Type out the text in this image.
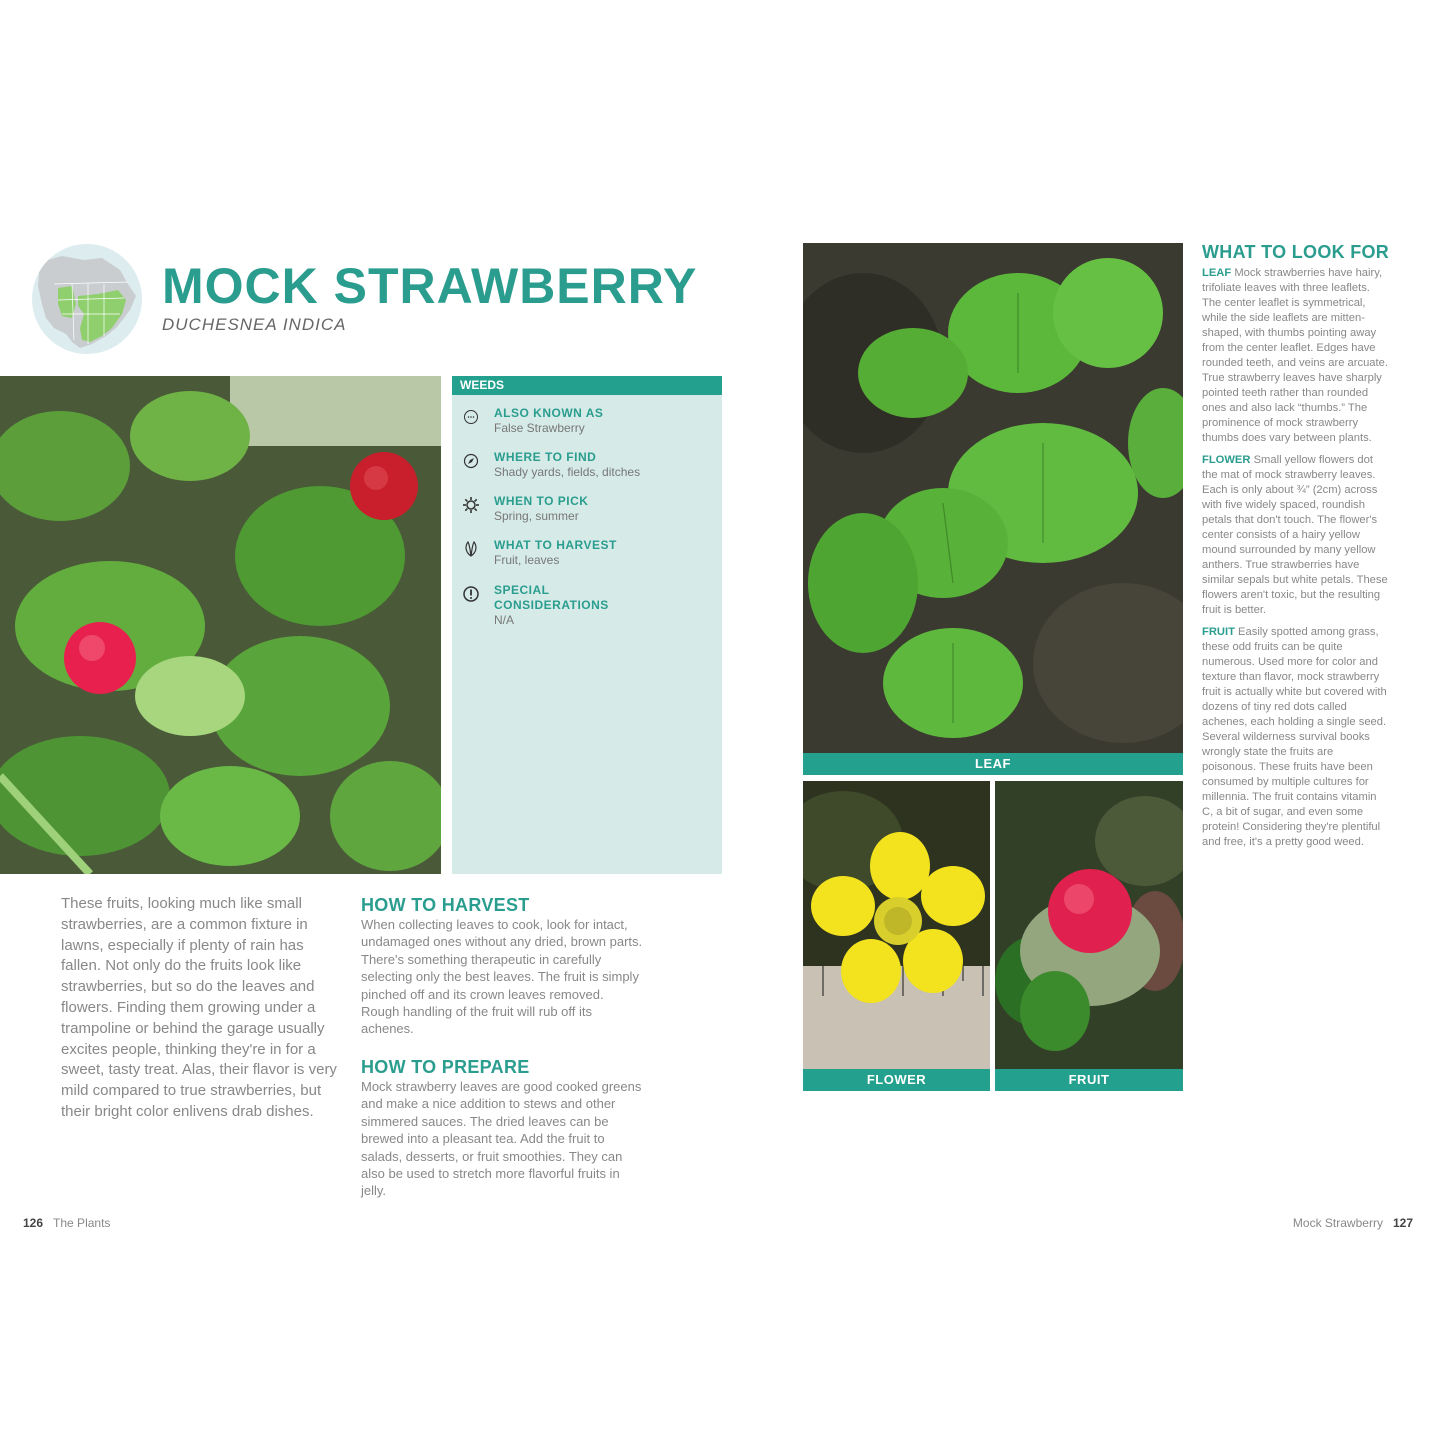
MOCK STRAWBERRY
DUCHESNEA INDICA
WEEDS
ALSO KNOWN AS
False Strawberry
WHERE TO FIND
Shady yards, fields, ditches
WHEN TO PICK
Spring, summer
WHAT TO HARVEST
Fruit, leaves
SPECIAL CONSIDERATIONS
N/A
These fruits, looking much like small strawberries, are a common fixture in lawns, especially if plenty of rain has fallen. Not only do the fruits look like strawberries, but so do the leaves and flowers. Finding them growing under a trampoline or behind the garage usually excites people, thinking they're in for a sweet, tasty treat. Alas, their flavor is very mild compared to true strawberries, but their bright color enlivens drab dishes.
HOW TO HARVEST
When collecting leaves to cook, look for intact, undamaged ones without any dried, brown parts. There's something therapeutic in carefully selecting only the best leaves. The fruit is simply pinched off and its crown leaves removed. Rough handling of the fruit will rub off its achenes.
HOW TO PREPARE
Mock strawberry leaves are good cooked greens and make a nice addition to stews and other simmered sauces. The dried leaves can be brewed into a pleasant tea. Add the fruit to salads, desserts, or fruit smoothies. They can also be used to stretch more flavorful fruits in jelly.
LEAF
FLOWER	FRUIT
WHAT TO LOOK FOR

LEAF Mock strawberries have hairy, trifoliate leaves with three leaflets. The center leaflet is symmetrical, while the side leaflets are mitten-shaped, with thumbs pointing away from the center leaflet. Edges have rounded teeth, and veins are arcuate. True strawberry leaves have sharply pointed teeth rather than rounded ones and also lack “thumbs.” The prominence of mock strawberry thumbs does vary between plants.

FLOWER Small yellow flowers dot the mat of mock strawberry leaves. Each is only about ¾” (2cm) across with five widely spaced, roundish petals that don't touch. The flower's center consists of a hairy yellow mound surrounded by many yellow anthers. True strawberries have similar sepals but white petals. These flowers aren't toxic, but the resulting fruit is better.

FRUIT Easily spotted among grass, these odd fruits can be quite numerous. Used more for color and texture than flavor, mock strawberry fruit is actually white but covered with dozens of tiny red dots called achenes, each holding a single seed. Several wilderness survival books wrongly state the fruits are poisonous. These fruits have been consumed by multiple cultures for millennia. The fruit contains vitamin C, a bit of sugar, and even some protein! Considering they're plentiful and free, it's a pretty good weed.

126 The Plants	Mock Strawberry 127
